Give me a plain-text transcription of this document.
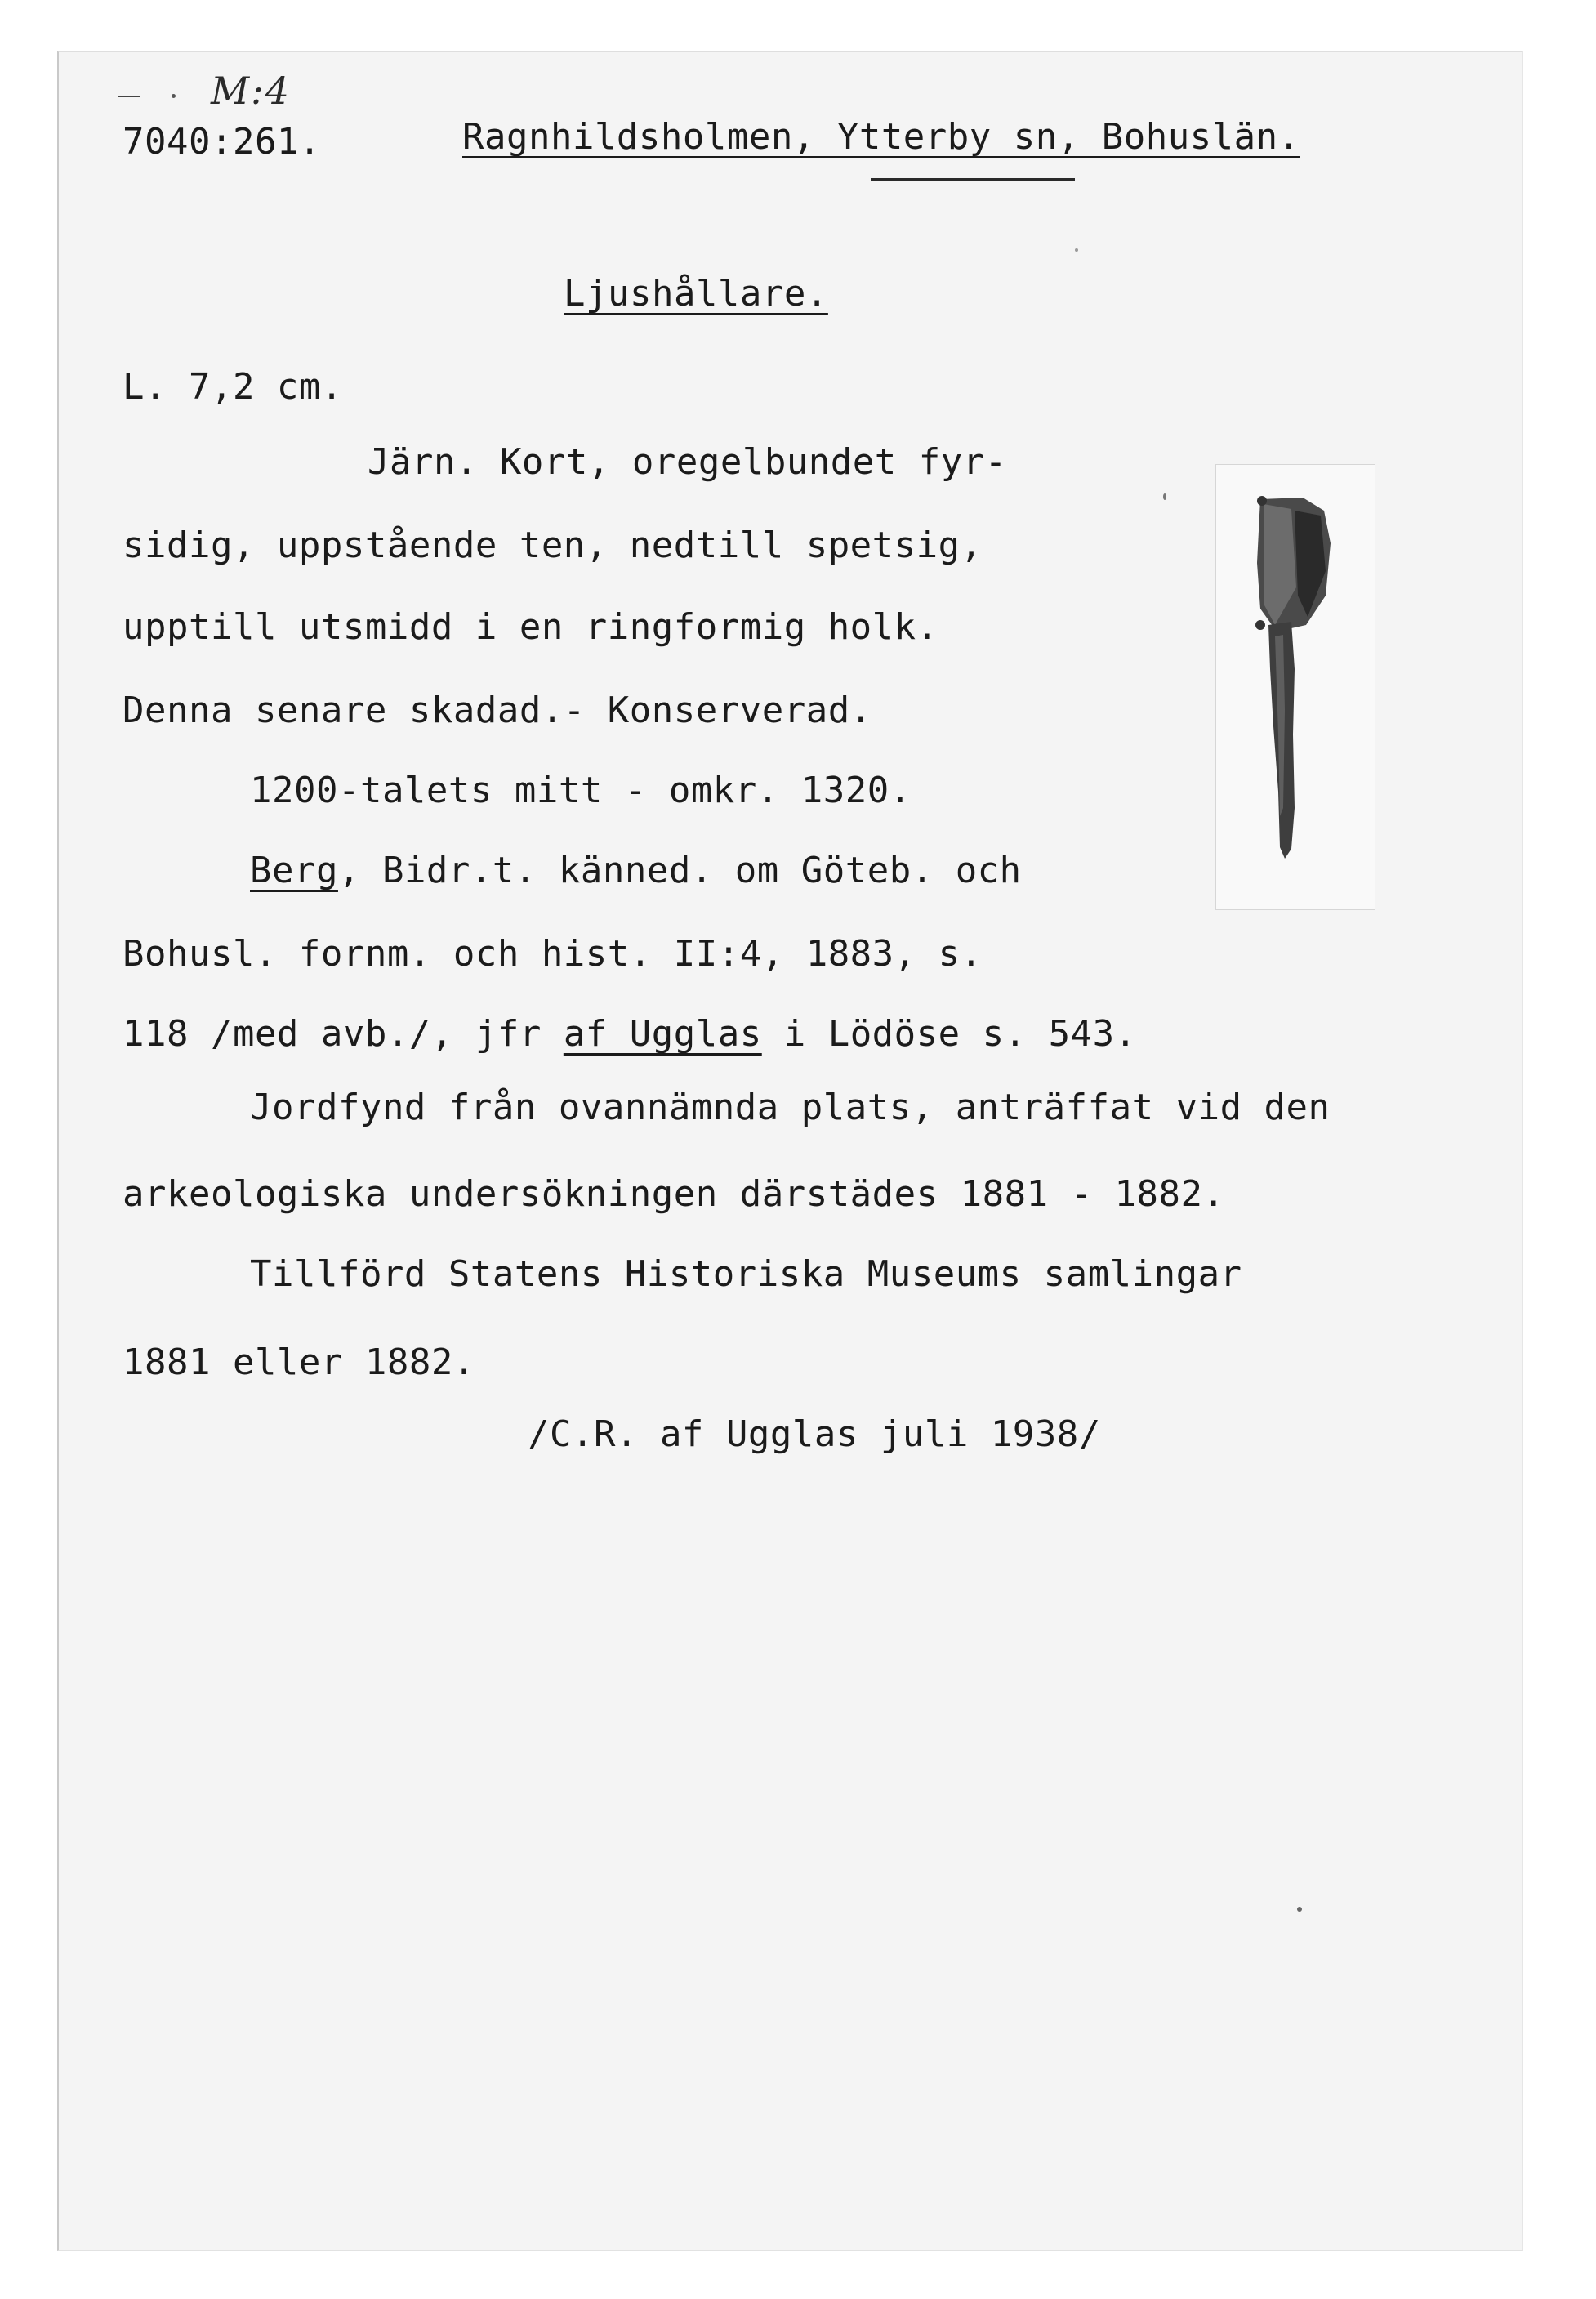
M:4
7040:261.	Ragnhildsholmen, Ytterby sn, Bohuslän.
Ljushållare.
L. 7,2 cm.
Järn. Kort, oregelbundet fyr-
sidig, uppstående ten, nedtill spetsig,
upptill utsmidd i en ringformig holk.
Denna senare skadad.- Konserverad.
1200-talets mitt - omkr. 1320.
Berg, Bidr.t. känned. om Göteb. och
Bohusl. fornm. och hist. II:4, 1883, s.
118 /med avb./, jfr af Ugglas i Lödöse s. 543.
Jordfynd från ovannämnda plats, anträffat vid den
arkeologiska undersökningen därstädes 1881 - 1882.
Tillförd Statens Historiska Museums samlingar
1881 eller 1882.
/C.R. af Ugglas juli 1938/
